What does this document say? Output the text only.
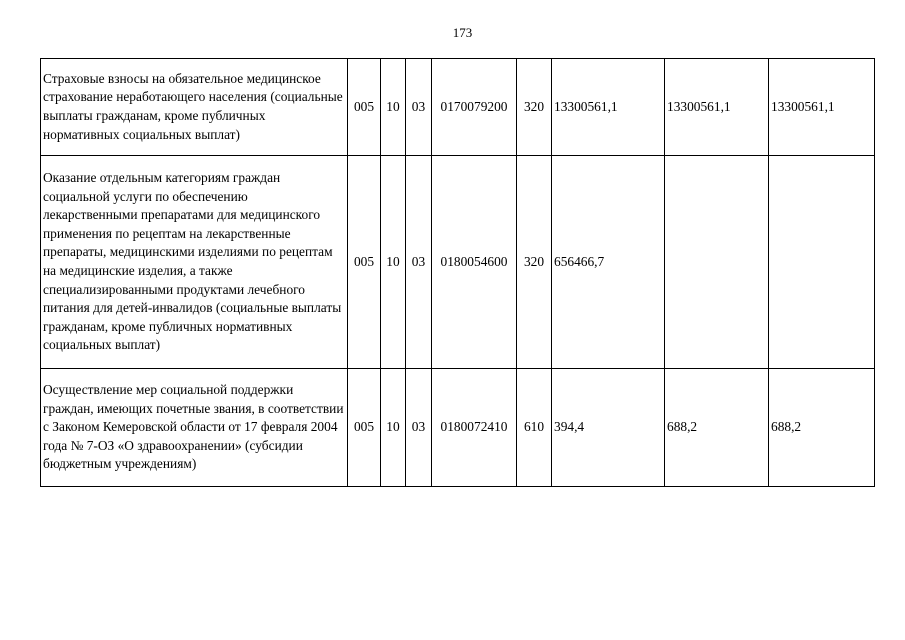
173
Страховые взносы на обязательное медицинское страхование неработающего населения (социальные выплаты гражданам, кроме публичных нормативных социальных выплат)	005	10	03	0170079200	320	13300561,1	13300561,1	13300561,1
Оказание отдельным категориям граждан социальной услуги по обеспечению лекарственными препаратами для медицинского применения по рецептам на лекарственные препараты, медицинскими изделиями по рецептам на медицинские изделия, а также специализированными продуктами лечебного питания для детей-инвалидов (социальные выплаты гражданам, кроме публичных нормативных социальных выплат)	005	10	03	0180054600	320	656466,7		
Осуществление мер социальной поддержки граждан, имеющих почетные звания, в соответствии с Законом Кемеровской области от 17 февраля 2004 года № 7-ОЗ «О здравоохранении» (субсидии бюджетным учреждениям)	005	10	03	0180072410	610	394,4	688,2	688,2
